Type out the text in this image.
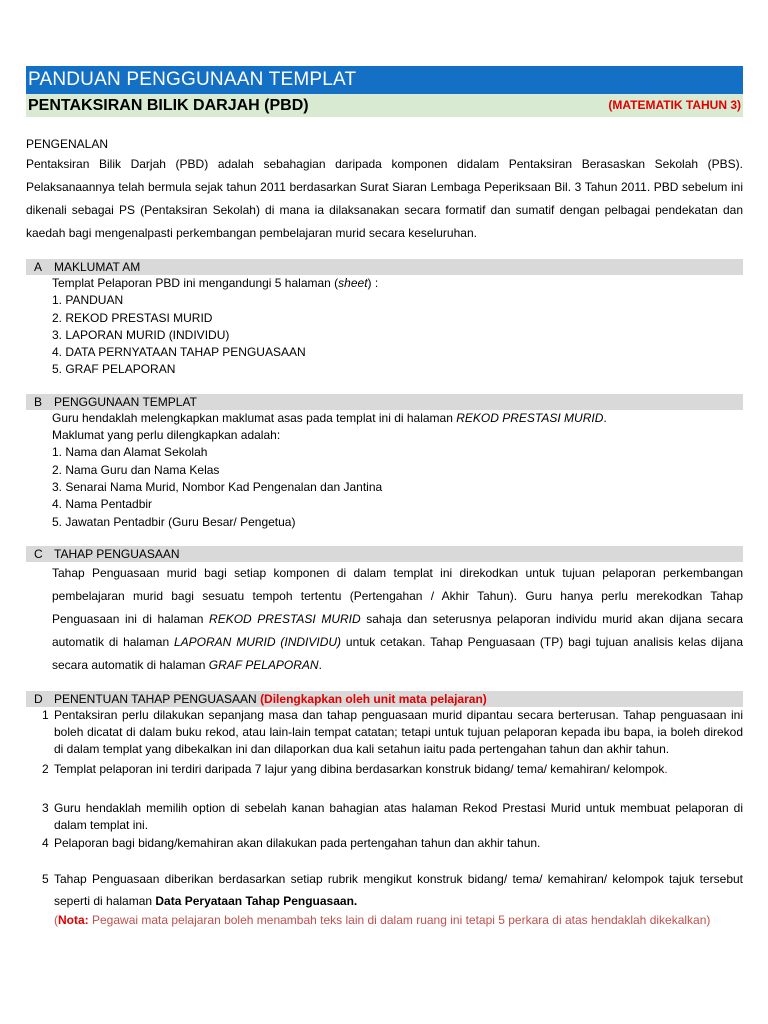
PANDUAN PENGGUNAAN TEMPLAT
PENTAKSIRAN BILIK DARJAH (PBD)	(MATEMATIK TAHUN 3)
PENGENALAN

Pentaksiran Bilik Darjah (PBD) adalah sebahagian daripada komponen didalam Pentaksiran Berasaskan Sekolah (PBS). Pelaksanaannya telah bermula sejak tahun 2011 berdasarkan Surat Siaran Lembaga Peperiksaan Bil. 3 Tahun 2011. PBD sebelum ini dikenali sebagai PS (Pentaksiran Sekolah) di mana ia dilaksanakan secara formatif dan sumatif dengan pelbagai pendekatan dan kaedah bagi mengenalpasti perkembangan pembelajaran murid secara keseluruhan.

A MAKLUMAT AM
Templat Pelaporan PBD ini mengandungi 5 halaman (sheet) :
1. PANDUAN
2. REKOD PRESTASI MURID
3. LAPORAN MURID (INDIVIDU)
4. DATA PERNYATAAN TAHAP PENGUASAAN
5. GRAF PELAPORAN
B PENGGUNAAN TEMPLAT
Guru hendaklah melengkapkan maklumat asas pada templat ini di halaman REKOD PRESTASI MURID.
Maklumat yang perlu dilengkapkan adalah:
1. Nama dan Alamat Sekolah
2. Nama Guru dan Nama Kelas
3. Senarai Nama Murid, Nombor Kad Pengenalan dan Jantina
4. Nama Pentadbir
5. Jawatan Pentadbir (Guru Besar/ Pengetua)
C TAHAP PENGUASAAN

Tahap Penguasaan murid bagi setiap komponen di dalam templat ini direkodkan untuk tujuan pelaporan perkembangan pembelajaran murid bagi sesuatu tempoh tertentu (Pertengahan / Akhir Tahun). Guru hanya perlu merekodkan Tahap Penguasaan ini di halaman REKOD PRESTASI MURID sahaja dan seterusnya pelaporan individu murid akan dijana secara automatik di halaman LAPORAN MURID (INDIVIDU) untuk cetakan. Tahap Penguasaan (TP) bagi tujuan analisis kelas dijana secara automatik di halaman GRAF PELAPORAN.

D PENENTUAN TAHAP PENGUASAAN (Dilengkapkan oleh unit mata pelajaran)
1 Pentaksiran perlu dilakukan sepanjang masa dan tahap penguasaan murid dipantau secara berterusan. Tahap penguasaan ini boleh dicatat di dalam buku rekod, atau lain-lain tempat catatan; tetapi untuk tujuan pelaporan kepada ibu bapa, ia boleh direkod di dalam templat yang dibekalkan ini dan dilaporkan dua kali setahun iaitu pada pertengahan tahun dan akhir tahun.
2 Templat pelaporan ini terdiri daripada 7 lajur yang dibina berdasarkan konstruk bidang/ tema/ kemahiran/ kelompok.
3 Guru hendaklah memilih option di sebelah kanan bahagian atas halaman Rekod Prestasi Murid untuk membuat pelaporan di dalam templat ini.
4 Pelaporan bagi bidang/kemahiran akan dilakukan pada pertengahan tahun dan akhir tahun.
5 Tahap Penguasaan diberikan berdasarkan setiap rubrik mengikut konstruk bidang/ tema/ kemahiran/ kelompok tajuk tersebut seperti di halaman Data Peryataan Tahap Penguasaan.
(Nota: Pegawai mata pelajaran boleh menambah teks lain di dalam ruang ini tetapi 5 perkara di atas hendaklah dikekalkan)
